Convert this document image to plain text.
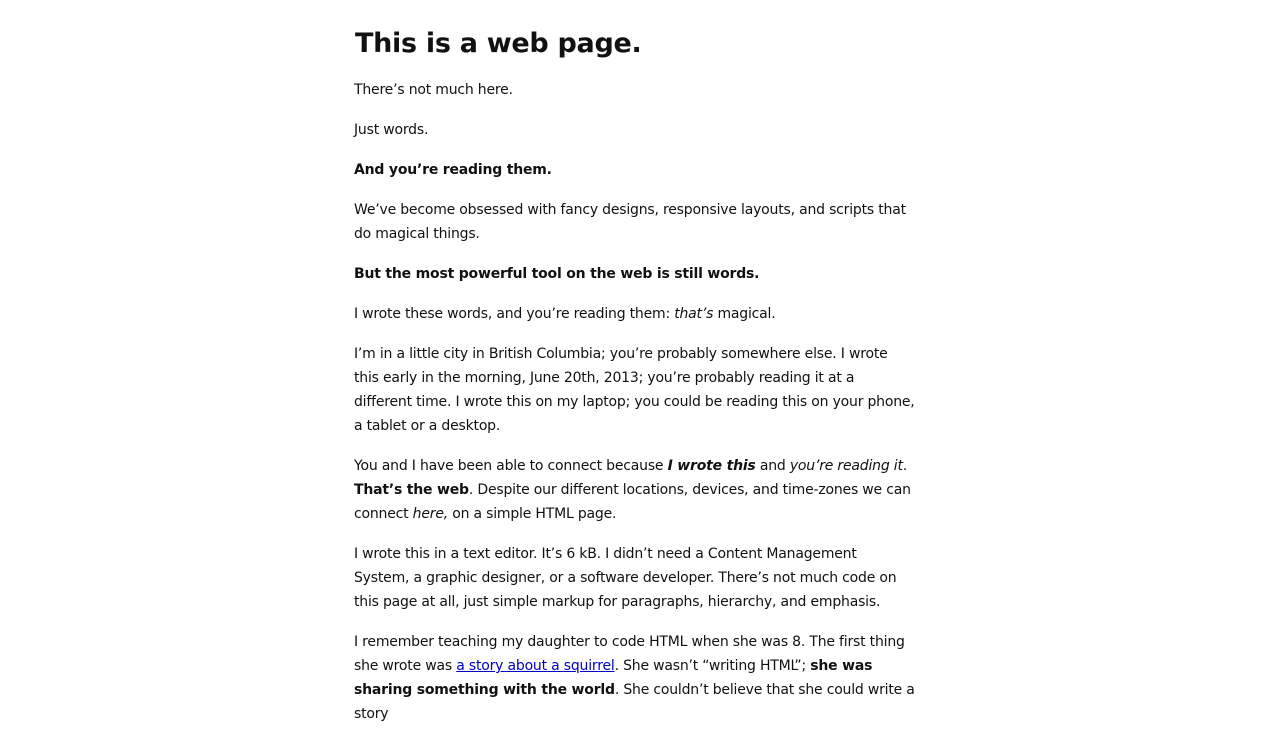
This is a web page.

There’s not much here.

Just words.

And you’re reading them.

We’ve become obsessed with fancy designs, responsive layouts, and scripts that do magical things.

But the most powerful tool on the web is still words.

I wrote these words, and you’re reading them: that’s magical.

I’m in a little city in British Columbia; you’re probably somewhere else. I wrote this early in the morning, June 20th, 2013; you’re probably reading it at a different time. I wrote this on my laptop; you could be reading this on your phone, a tablet or a desktop.

You and I have been able to connect because I wrote this and you’re reading it. That’s the web. Despite our different locations, devices, and time-zones we can connect here, on a simple HTML page.

I wrote this in a text editor. It’s 6 kB. I didn’t need a Content Management System, a graphic designer, or a software developer. There’s not much code on this page at all, just simple markup for paragraphs, hierarchy, and emphasis.

I remember teaching my daughter to code HTML when she was 8. The first thing she wrote was a story about a squirrel. She wasn’t “writing HTML”; she was sharing something with the world. She couldn’t believe that she could write a story
